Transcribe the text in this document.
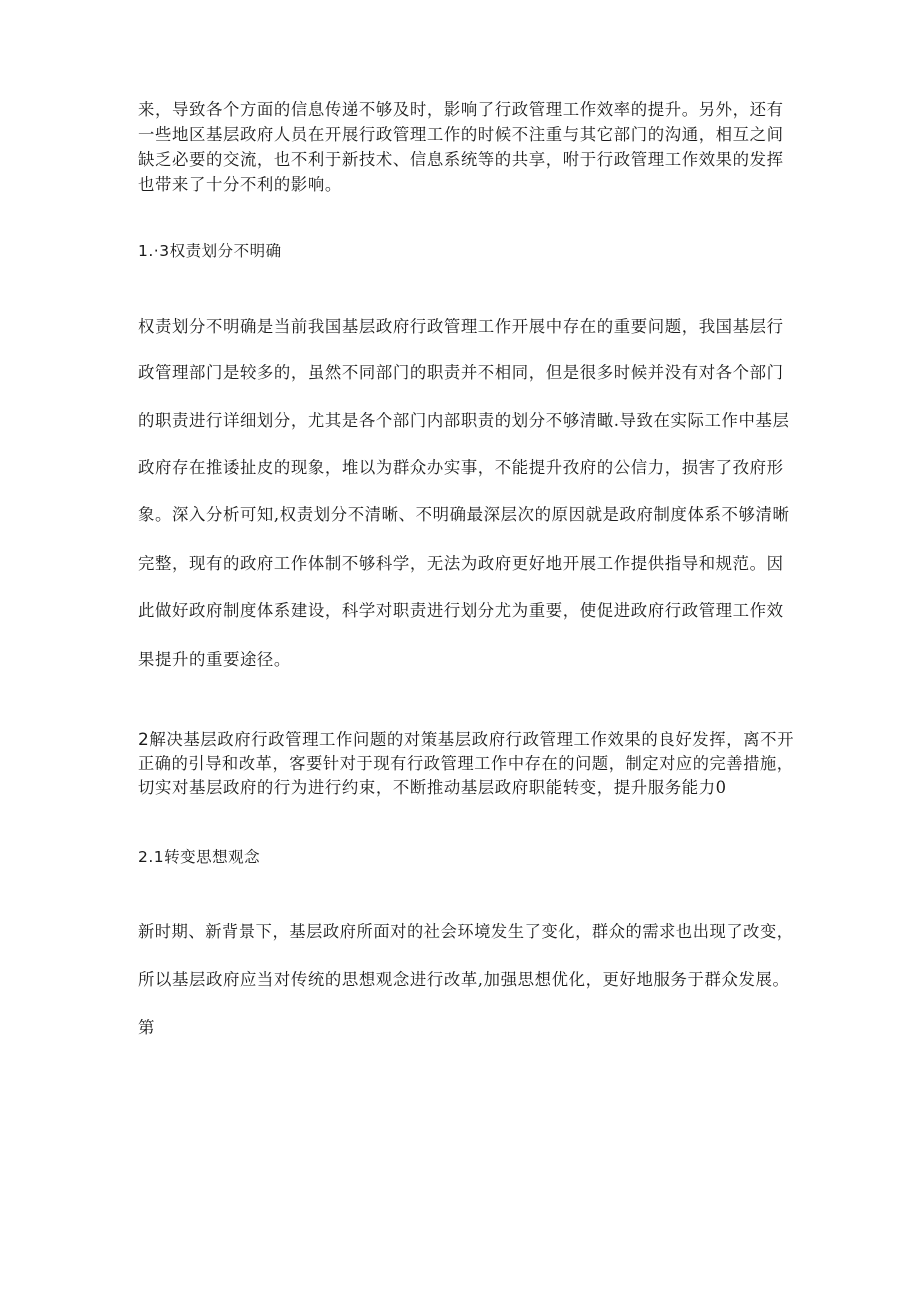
来，导致各个方面的信息传递不够及时，影响了行政管理工作效率的提升。另外，还有
一些地区基层政府人员在开展行政管理工作的时候不注重与其它部门的沟通，相互之间
缺乏必要的交流，也不利于新技术、信息系统等的共享，咐于行政管理工作效果的发挥
也带来了十分不利的影响。
1.·3权责划分不明确
权责划分不明确是当前我国基层政府行政管理工作开展中存在的重要问题，我国基层行
政管理部门是较多的，虽然不同部门的职责并不相同，但是很多时候并没有对各个部门
的职责进行详细划分，尤其是各个部门内部职责的划分不够清瞰.导致在实际工作中基层
政府存在推诿扯皮的现象，堆以为群众办实事，不能提升孜府的公信力，损害了孜府形
象。深入分析可知,权责划分不清晰、不明确最深层次的原因就是政府制度体系不够清晰
完整，现有的政府工作体制不够科学，无法为政府更好地开展工作提供指导和规范。因
此做好政府制度体系建设，科学对职责进行划分尤为重要，使促进政府行政管理工作效
果提升的重要途径。
2解决基层政府行政管理工作问题的对策基层政府行政管理工作效果的良好发挥，离不开
正确的引导和改革，客要针对于现有行政管理工作中存在的问题，制定对应的完善措施，
切实对基层政府的行为进行约束，不断推动基层政府职能转变，提升服务能力0
2.1转变思想观念
新时期、新背景下，基层政府所面对的社会环境发生了变化，群众的需求也出现了改变，
所以基层政府应当对传统的思想观念进行改革,加强思想优化，更好地服务于群众发展。
第
